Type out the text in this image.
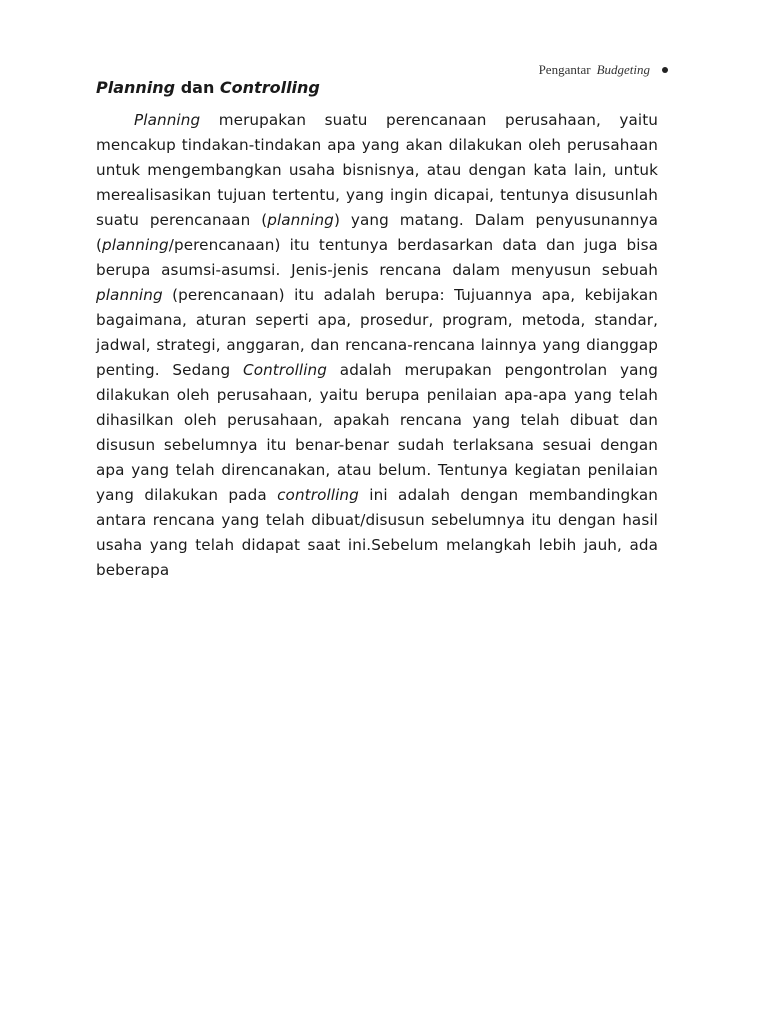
Pengantar Budgeting
Planning dan Controlling

Planning merupakan suatu perencanaan perusahaan, yaitu mencakup tindakan-tindakan apa yang akan dilakukan oleh perusahaan untuk mengembangkan usaha bisnisnya, atau dengan kata lain, untuk merealisasikan tujuan tertentu, yang ingin dicapai, tentunya disusunlah suatu perencanaan (planning) yang matang. Dalam penyusunannya (planning/perencanaan) itu tentunya berdasarkan data dan juga bisa berupa asumsi-asumsi. Jenis-jenis rencana dalam menyusun sebuah planning (perencanaan) itu adalah berupa: Tujuannya apa, kebijakan bagaimana, aturan seperti apa, prosedur, program, metoda, standar, jadwal, strategi, anggaran, dan rencana-rencana lainnya yang dianggap penting. Sedang Controlling adalah merupakan pengontrolan yang dilakukan oleh perusahaan, yaitu berupa penilaian apa-apa yang telah dihasilkan oleh perusahaan, apakah rencana yang telah dibuat dan disusun sebelumnya itu benar-benar sudah terlaksana sesuai dengan apa yang telah direncanakan, atau belum. Tentunya kegiatan penilaian yang dilakukan pada controlling ini adalah dengan membandingkan antara rencana yang telah dibuat/disusun sebelumnya itu dengan hasil usaha yang telah didapat saat ini.Sebelum melangkah lebih jauh, ada beberapa
